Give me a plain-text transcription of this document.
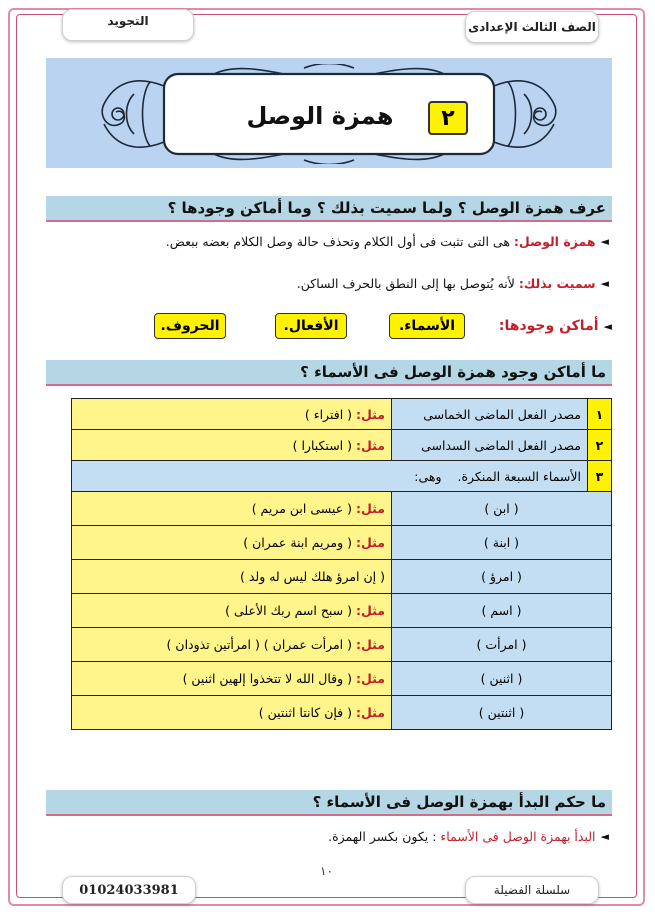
الصف الثالث الإعدادى
التجويد
٢
همزة الوصل
عرف همزة الوصل ؟ ولما سميت بذلك ؟ وما أماكن وجودها ؟
◄
همزة الوصل:
هى التى تثبت فى أول الكلام وتحذف حالة وصل الكلام بعضه ببعض.
◄
سميت بذلك:
لأنه يُتوصل بها إلى النطق بالحرف الساكن.
◄
أماكن وجودها:
الأسماء.
الأفعال.
الحروف.
ما أماكن وجود همزة الوصل فى الأسماء ؟
١	مصدر الفعل الماضى الخماسى	مثل: ( افتراء )
٢	مصدر الفعل الماضى السداسى	مثل: ( استكبارا )
٣	الأسماء السبعة المنكرة. وهى:	
( ابن )		مثل: ( عيسى ابن مريم )
( ابنة )		مثل: ( ومريم ابنة عمران )
( امرؤ )		( إن امرؤ هلك ليس له ولد )
( اسم )		مثل: ( سبح اسم ربك الأعلى )
( امرأت )		مثل: ( امرأت عمران ) ( امرأتين تذودان )
( اثنين )		مثل: ( وقال الله لا تتخذوا إلهين اثنين )
( اثنتين )		مثل: ( فإن كانتا اثنتين )
ما حكم البدأ بهمزة الوصل فى الأسماء ؟
◄
البدأ بهمزة الوصل فى الأسماء
: يكون بكسر الهمزة.
١٠
سلسلة الفضيلة
01024033981
